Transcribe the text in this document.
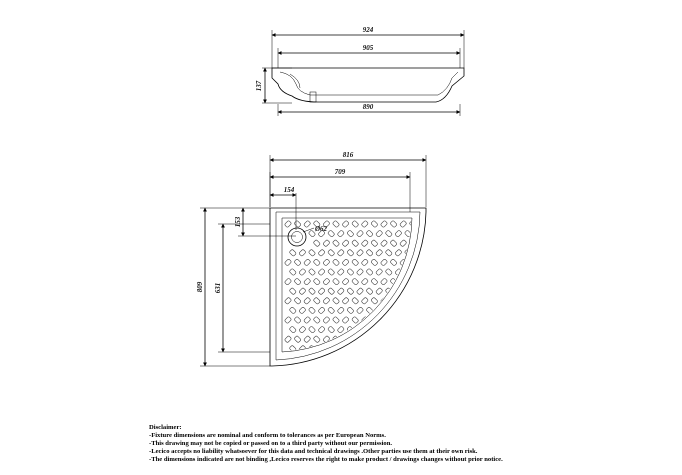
924
905
137
890
816
709
154
809 631
153
Ø62
Disclaimer:
-Fixture dimensions are nominal and conform to tolerances as per European Norms.
-This drawing may not be copied or passed on to a third party without our permission.
-Lecico accepts no liability whatsoever for this data and technical drawings .Other parties use them at their own risk.
-The dimensions indicated are not binding ,Lecico reserves the right to make product / drawings changes without prior notice.
